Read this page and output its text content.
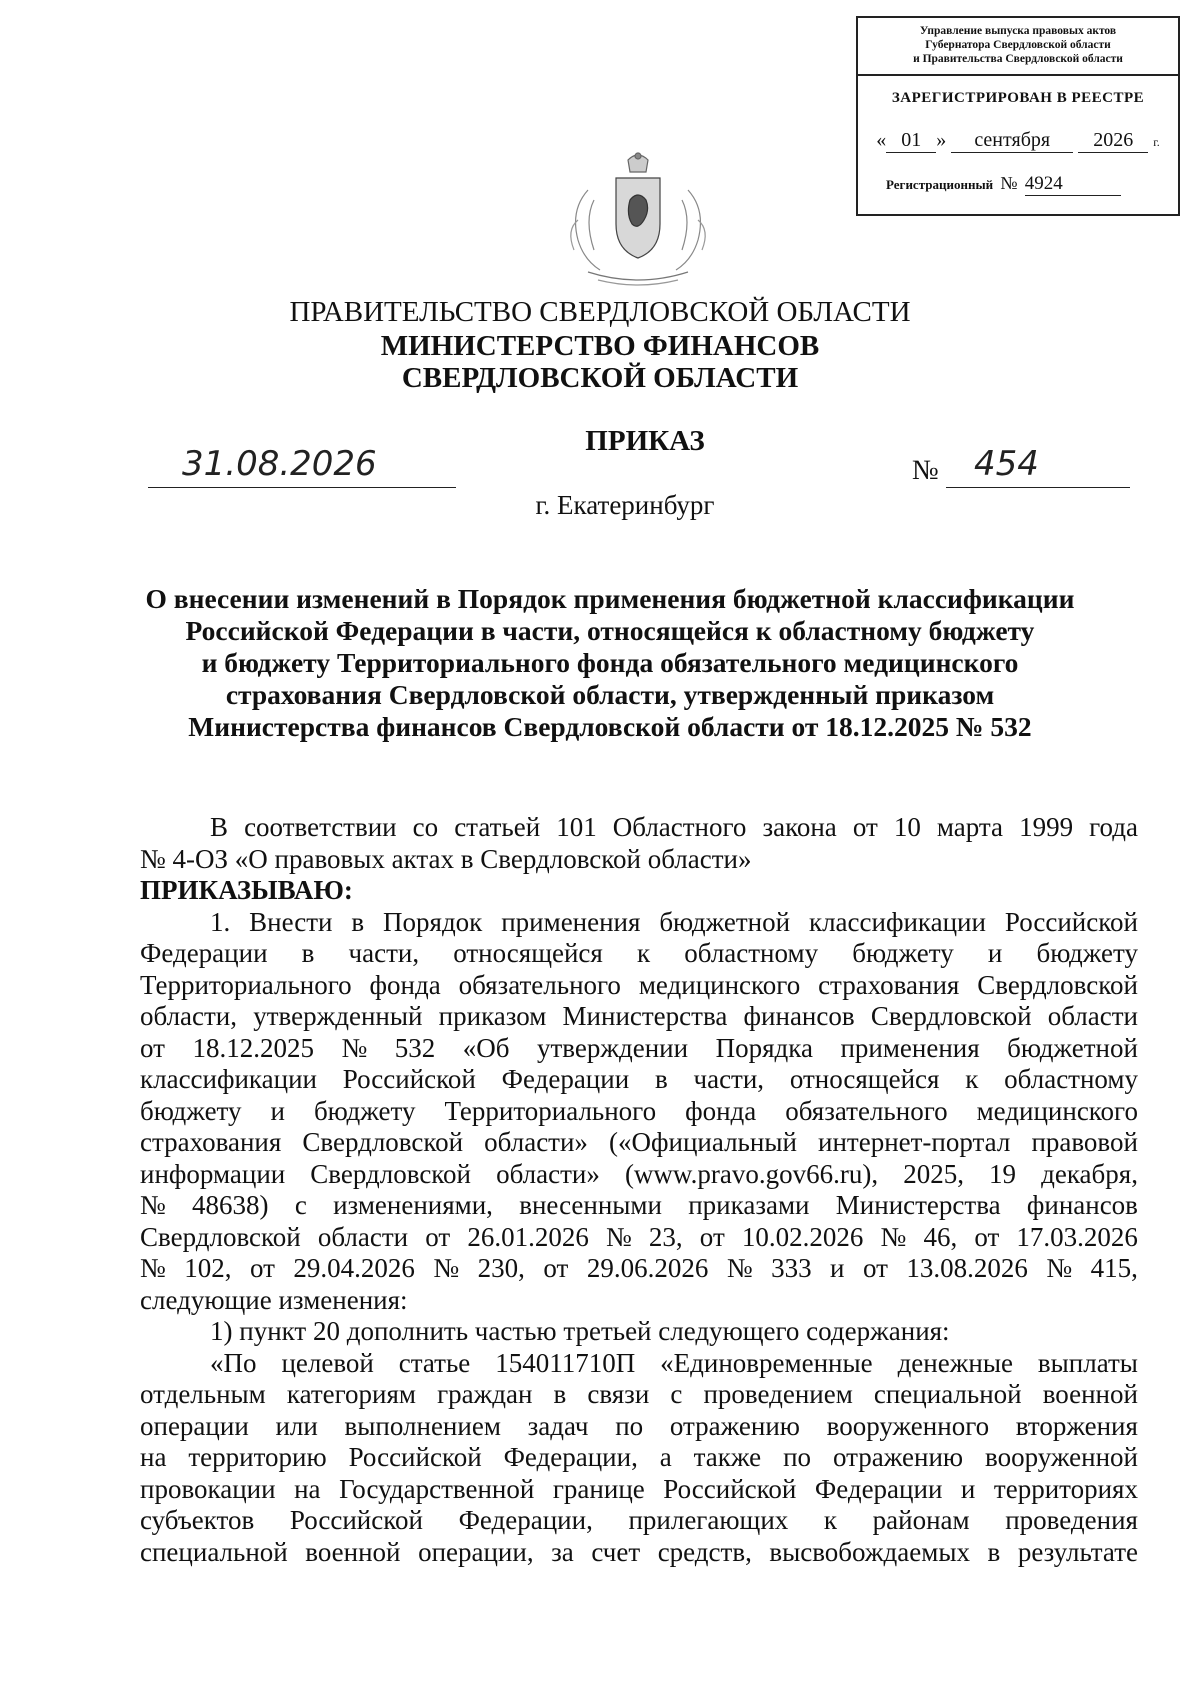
Управление выпуска правовых актов
Губернатора Свердловской области
и Правительства Свердловской области
ЗАРЕГИСТРИРОВАН В РЕЕСТРЕ
« 01 » сентября 2026 г.
Регистрационный № 4924
ПРАВИТЕЛЬСТВО СВЕРДЛОВСКОЙ ОБЛАСТИ
МИНИСТЕРСТВО ФИНАНСОВ
СВЕРДЛОВСКОЙ ОБЛАСТИ
ПРИКАЗ
31.08.2026	№	454
г. Екатеринбург
О внесении изменений в Порядок применения бюджетной классификации
Российской Федерации в части, относящейся к областному бюджету
и бюджету Территориального фонда обязательного медицинского
страхования Свердловской области, утвержденный приказом
Министерства финансов Свердловской области от 18.12.2025 № 532
В соответствии со статьей 101 Областного закона от 10 марта 1999 года
№ 4-ОЗ «О правовых актах в Свердловской области»
ПРИКАЗЫВАЮ:
1. Внести в Порядок применения бюджетной классификации Российской
Федерации в части, относящейся к областному бюджету и бюджету
Территориального фонда обязательного медицинского страхования Свердловской
области, утвержденный приказом Министерства финансов Свердловской области
от 18.12.2025 № 532 «Об утверждении Порядка применения бюджетной
классификации Российской Федерации в части, относящейся к областному
бюджету и бюджету Территориального фонда обязательного медицинского
страхования Свердловской области» («Официальный интернет-портал правовой
информации Свердловской области» (www.pravo.gov66.ru), 2025, 19 декабря,
№ 48638) с изменениями, внесенными приказами Министерства финансов
Свердловской области от 26.01.2026 № 23, от 10.02.2026 № 46, от 17.03.2026
№ 102, от 29.04.2026 № 230, от 29.06.2026 № 333 и от 13.08.2026 № 415,
следующие изменения:
1) пункт 20 дополнить частью третьей следующего содержания:
«По целевой статье 154011710П «Единовременные денежные выплаты
отдельным категориям граждан в связи с проведением специальной военной
операции или выполнением задач по отражению вооруженного вторжения
на территорию Российской Федерации, а также по отражению вооруженной
провокации на Государственной границе Российской Федерации и территориях
субъектов Российской Федерации, прилегающих к районам проведения
специальной военной операции, за счет средств, высвобождаемых в результате
